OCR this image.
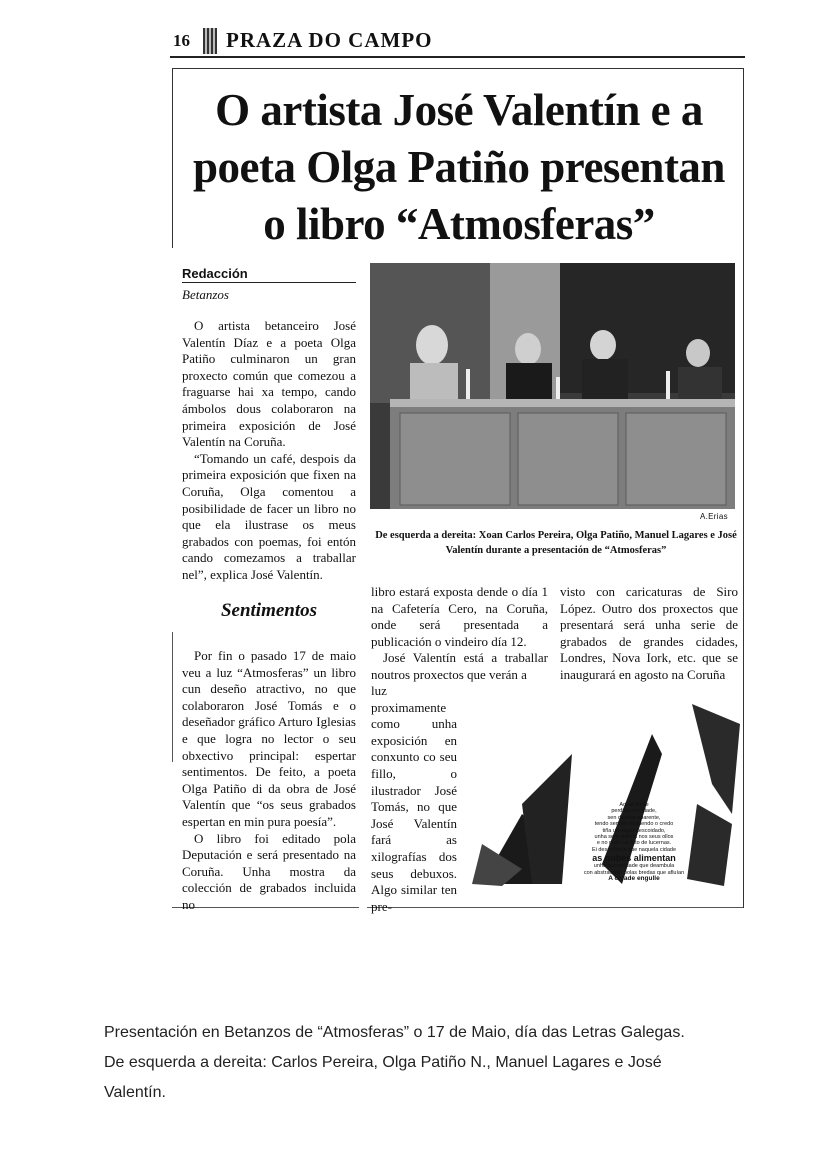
16 PRAZA DO CAMPO
O artista José Valentín e a poeta Olga Patiño presentan o libro “Atmosferas”
Redacción
Betanzos

O artista betanceiro José Valentín Díaz e a poeta Olga Patiño culminaron un gran proxecto común que comezou a fraguarse hai xa tempo, cando ámbolos dous colaboraron na primeira exposición de José Valentín na Coruña.

“Tomando un café, despois da primeira exposición que fixen na Coruña, Olga comentou a posibilidade de facer un libro no que ela ilustrase os meus grabados con poemas, foi entón cando comezamos a traballar nel”, explica José Valentín.

Sentimentos

Por fin o pasado 17 de maio veu a luz “Atmosferas” un libro cun deseño atractivo, no que colaboraron José Tomás e o deseñador gráfico Arturo Iglesias e que logra no lector o seu obxectivo principal: espertar sentimentos. De feito, a poeta Olga Patiño di da obra de José Valentín que “os seus grabados espertan en min pura poesía”.

O libro foi editado pola Deputación e será presentado na Coruña. Unha mostra da colección de grabados incluida no

A.Erias
De esquerda a dereita: Xoan Carlos Pereira, Olga Patiño, Manuel Lagares e José Valentín durante a presentación de “Atmosferas”

libro estará exposta dende o día 1 na Cafetería Cero, na Coruña, onde será presentada a publicación o vindeiro día 12.

José Valentín está a traballar noutros proxectos que verán a

luz proximamente como unha exposición en conxunto co seu fillo, o ilustrador José Tomás, no que José Valentín fará as xilografías dos seus debuxos. Algo similar ten pre-

visto con caricaturas de Siro López. Outro dos proxectos que presentará será unha serie de grabados de grandes cidades, Londres, Nova Iork, etc. que se inaugurará en agosto na Coruña

Aquel home
perdido na cidade,
sen destino aparente,
tendo sempre incidendo o credo
tiña un vagar descoidado,
unha sede inferta nos seus ollos
e no puño un fato de lucernas.
Ei descoñecía que naquela cidade
as nubes alimentan
unha humanidade que deambula
con abstracción polas bredas que afluían
A cidade engulle
Presentación en Betanzos de “Atmosferas” o 17 de Maio, día das Letras Galegas. De esquerda a dereita: Carlos Pereira, Olga Patiño N., Manuel Lagares e José Valentín.
